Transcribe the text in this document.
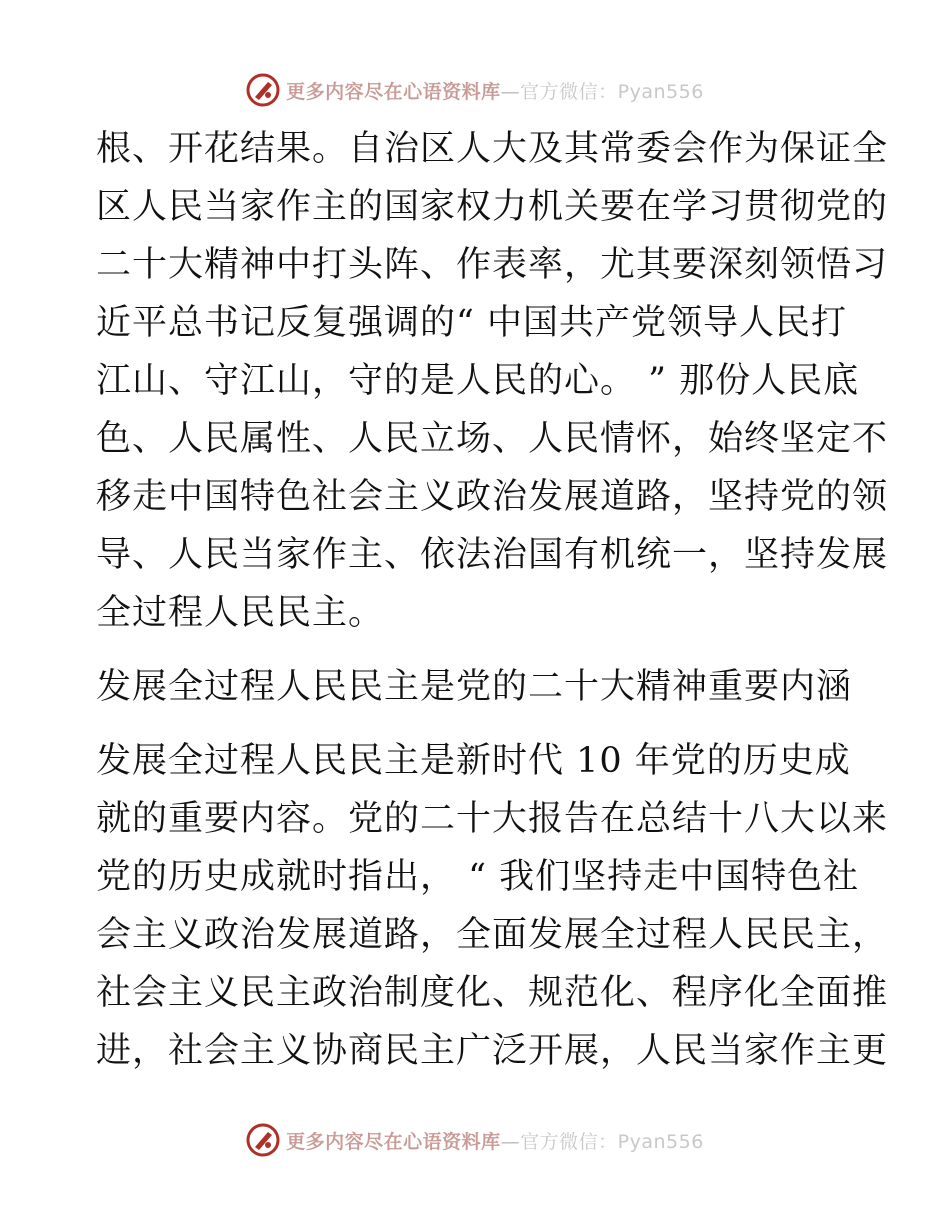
更多内容尽在心语资料库—官方微信：Pyan556

根、开花结果。自治区人大及其常委会作为保证全
区人民当家作主的国家权力机关要在学习贯彻党的
二十大精神中打头阵、作表率，尤其要深刻领悟习
近平总书记反复强调的“ 中国共产党领导人民打
江山、守江山，守的是人民的心。 ” 那份人民底
色、人民属性、人民立场、人民情怀，始终坚定不
移走中国特色社会主义政治发展道路，坚持党的领
导、人民当家作主、依法治国有机统一，坚持发展
全过程人民民主。

发展全过程人民民主是党的二十大精神重要内涵

发展全过程人民民主是新时代 10 年党的历史成
就的重要内容。党的二十大报告在总结十八大以来
党的历史成就时指出， “ 我们坚持走中国特色社
会主义政治发展道路，全面发展全过程人民民主，
社会主义民主政治制度化、规范化、程序化全面推
进，社会主义协商民主广泛开展，人民当家作主更

更多内容尽在心语资料库—官方微信：Pyan556
